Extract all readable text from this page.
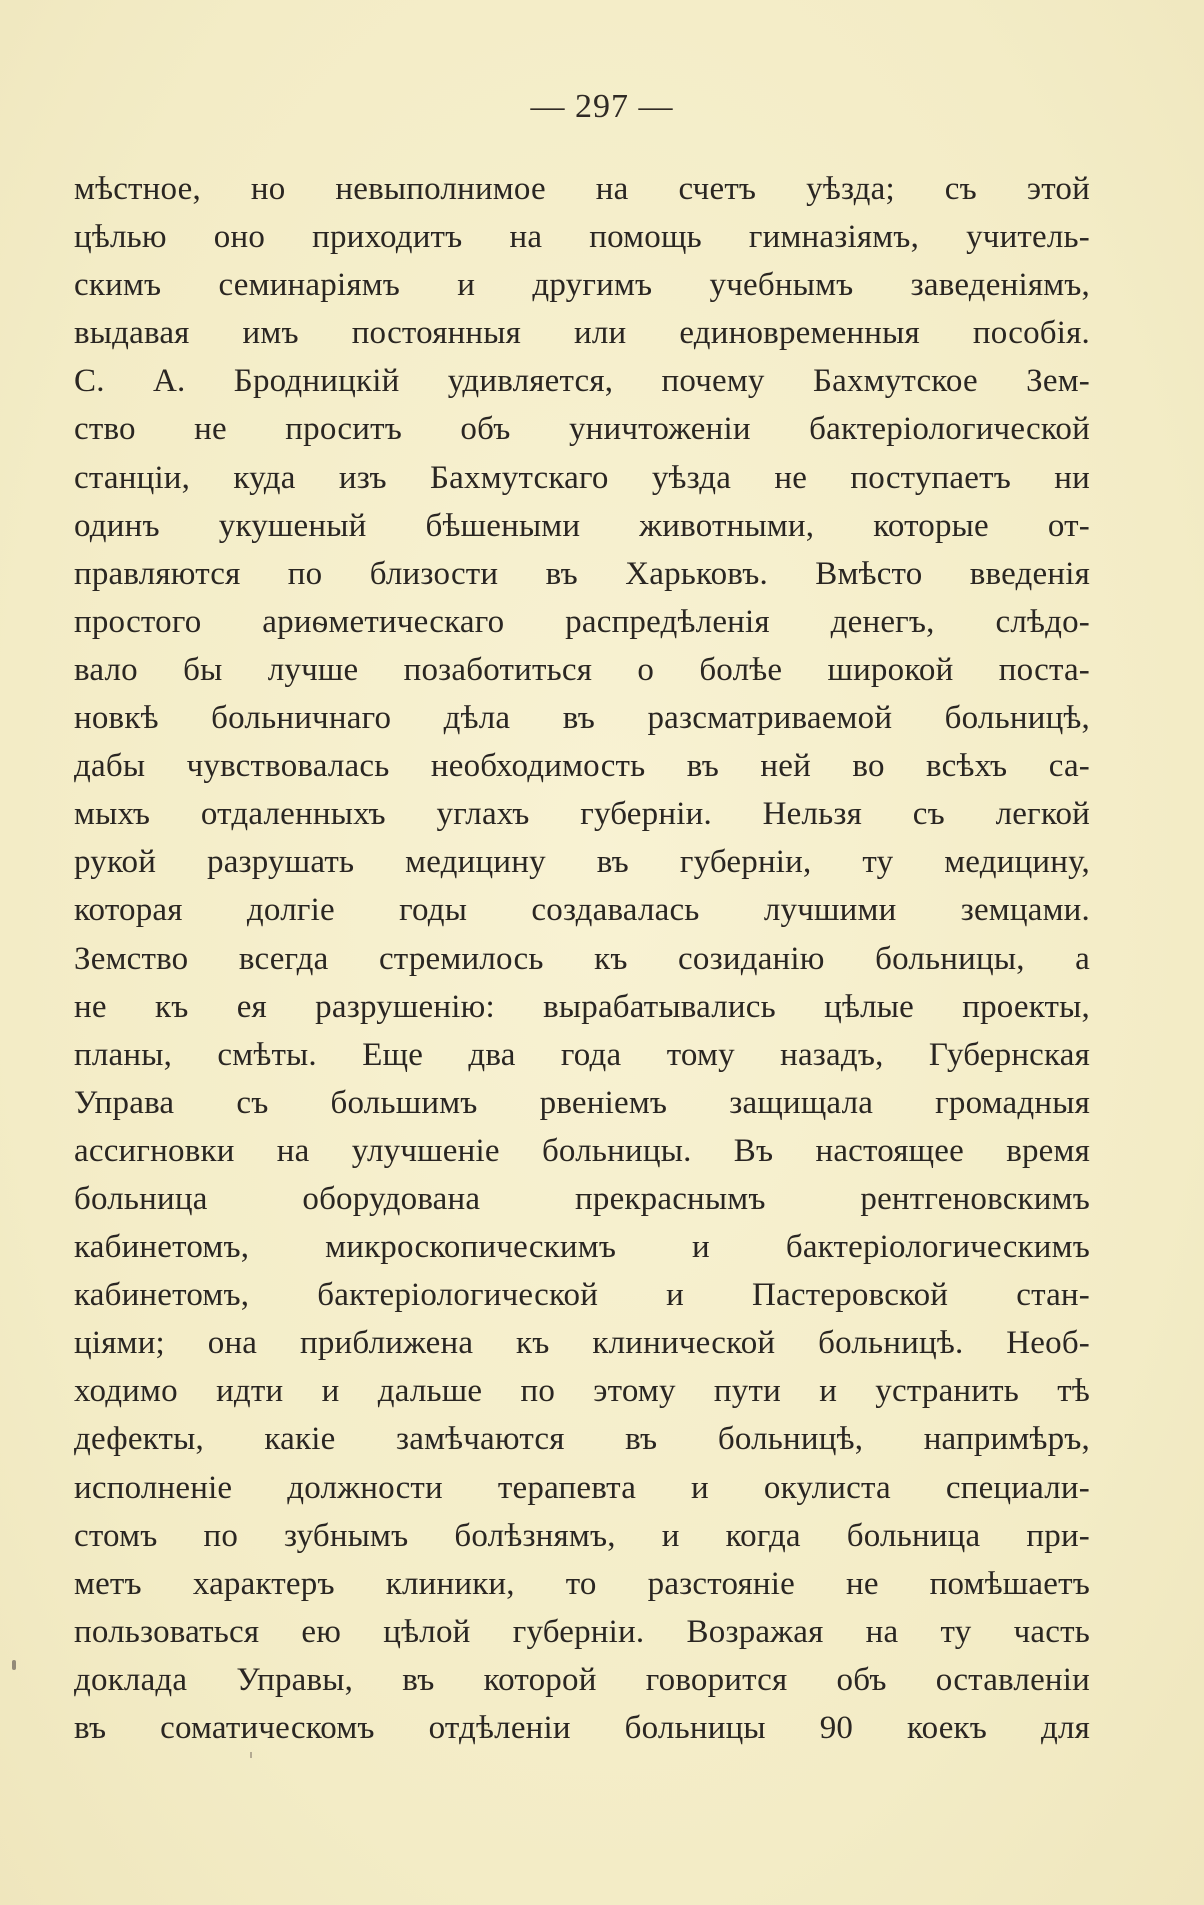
— 297 —
мѣстное, но невыполнимое на счетъ уѣзда; съ этой
цѣлью оно приходитъ на помощь гимназіямъ, учитель-
скимъ семинаріямъ и другимъ учебнымъ заведеніямъ,
выдавая имъ постоянныя или единовременныя пособія.
С. А. Бродницкій удивляется, почему Бахмутское Зем-
ство не проситъ объ уничтоженіи бактеріологической
станціи, куда изъ Бахмутскаго уѣзда не поступаетъ ни
одинъ укушеный бѣшеными животными, которые от-
правляются по близости въ Харьковъ. Вмѣсто введенія
простого ариѳметическаго распредѣленія денегъ, слѣдо-
вало бы лучше позаботиться о болѣе широкой поста-
новкѣ больничнаго дѣла въ разсматриваемой больницѣ,
дабы чувствовалась необходимость въ ней во всѣхъ са-
мыхъ отдаленныхъ углахъ губерніи. Нельзя съ легкой
рукой разрушать медицину въ губерніи, ту медицину,
которая долгіе годы создавалась лучшими земцами.
Земство всегда стремилось къ созиданію больницы, а
не къ ея разрушенію: вырабатывались цѣлые проекты,
планы, смѣты. Еще два года тому назадъ, Губернская
Управа съ большимъ рвеніемъ защищала громадныя
ассигновки на улучшеніе больницы. Въ настоящее время
больница оборудована прекраснымъ рентгеновскимъ
кабинетомъ, микроскопическимъ и бактеріологическимъ
кабинетомъ, бактеріологической и Пастеровской стан-
ціями; она приближена къ клинической больницѣ. Необ-
ходимо идти и дальше по этому пути и устранить тѣ
дефекты, какіе замѣчаются въ больницѣ, напримѣръ,
исполненіе должности терапевта и окулиста специали-
стомъ по зубнымъ болѣзнямъ, и когда больница при-
метъ характеръ клиники, то разстояніе не помѣшаетъ
пользоваться ею цѣлой губерніи. Возражая на ту часть
доклада Управы, въ которой говорится объ оставленіи
въ соматическомъ отдѣленіи больницы 90 коекъ для
